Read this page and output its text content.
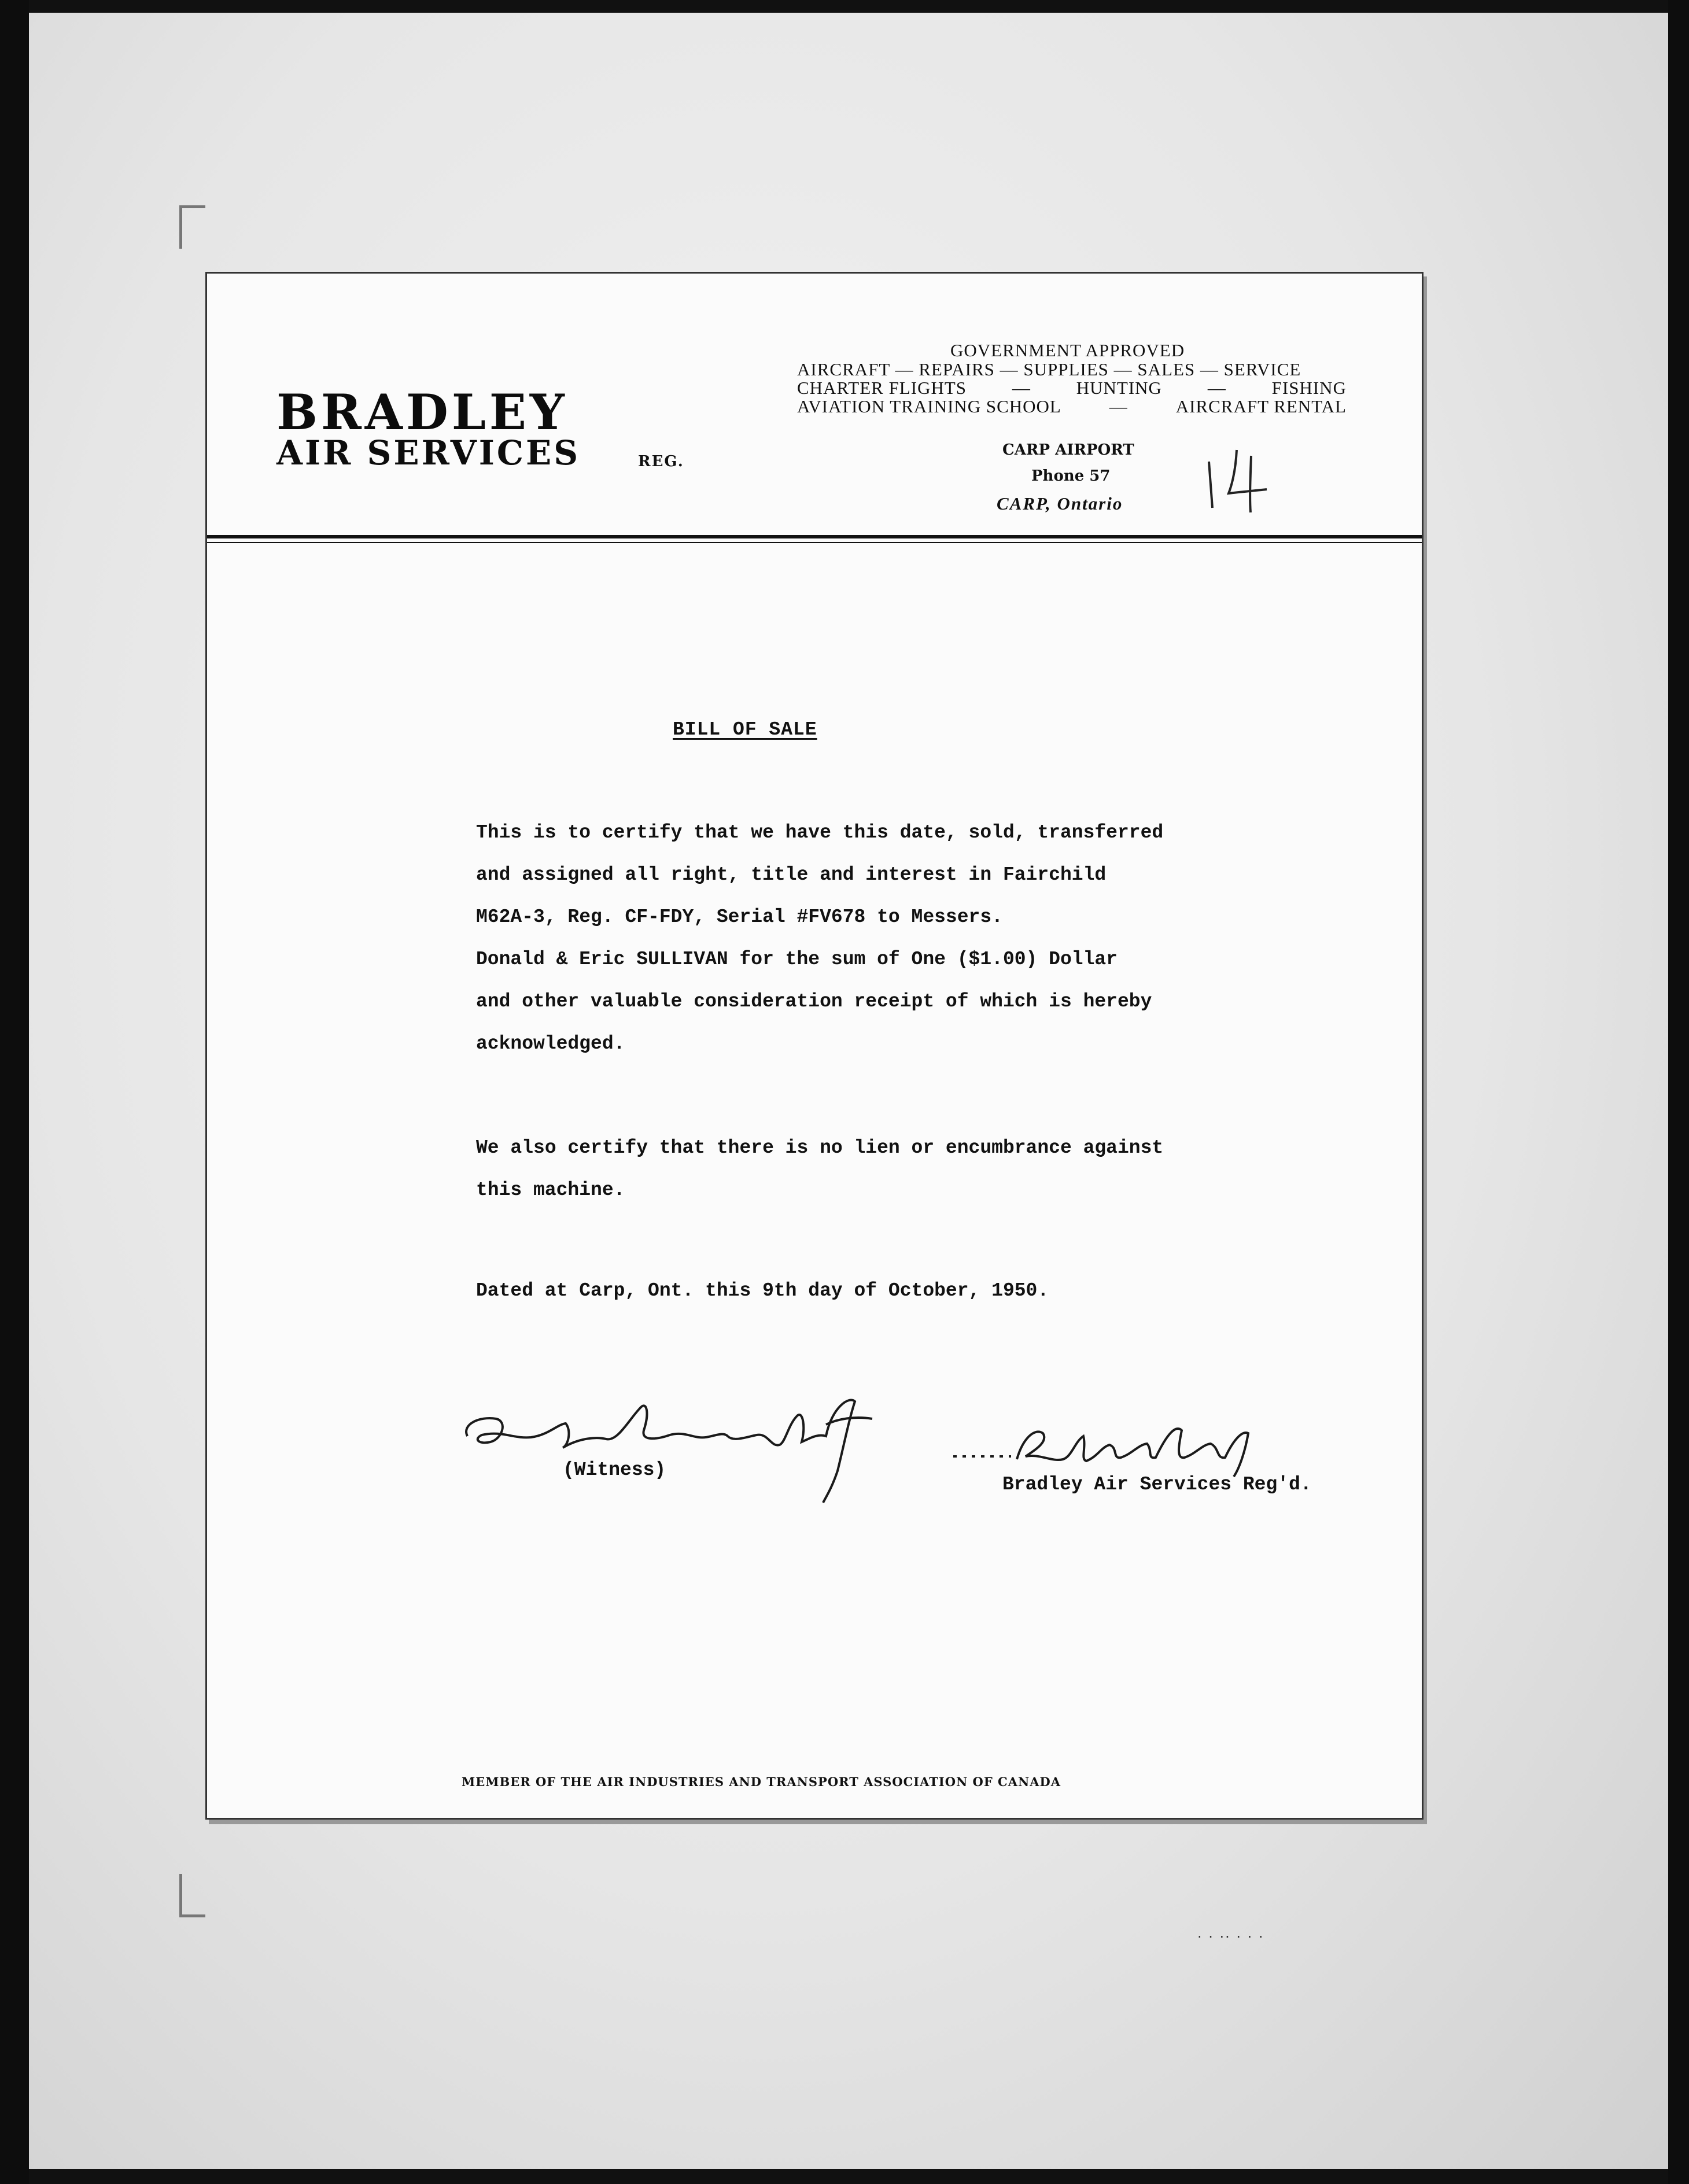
BRADLEY
AIR SERVICES	REG.
GOVERNMENT APPROVED
AIRCRAFT — REPAIRS — SUPPLIES — SALES — SERVICE
CHARTER FLIGHTS	—	HUNTING	—	FISHING
AVIATION TRAINING SCHOOL	—	AIRCRAFT RENTAL
CARP AIRPORT
Phone 57
CARP, Ontario
BILL OF SALE
This is to certify that we have this date, sold, transferred
and assigned all right, title and interest in Fairchild
M62A-3, Reg. CF-FDY, Serial #FV678 to Messers.
Donald & Eric SULLIVAN for the sum of One ($1.00) Dollar
and other valuable consideration receipt of which is hereby
acknowledged.
We also certify that there is no lien or encumbrance against
this machine.
Dated at Carp, Ont. this 9th day of October, 1950.
(Witness)
Bradley Air Services Reg'd.
MEMBER OF THE AIR INDUSTRIES AND TRANSPORT ASSOCIATION OF CANADA
· · ·· · · ·
